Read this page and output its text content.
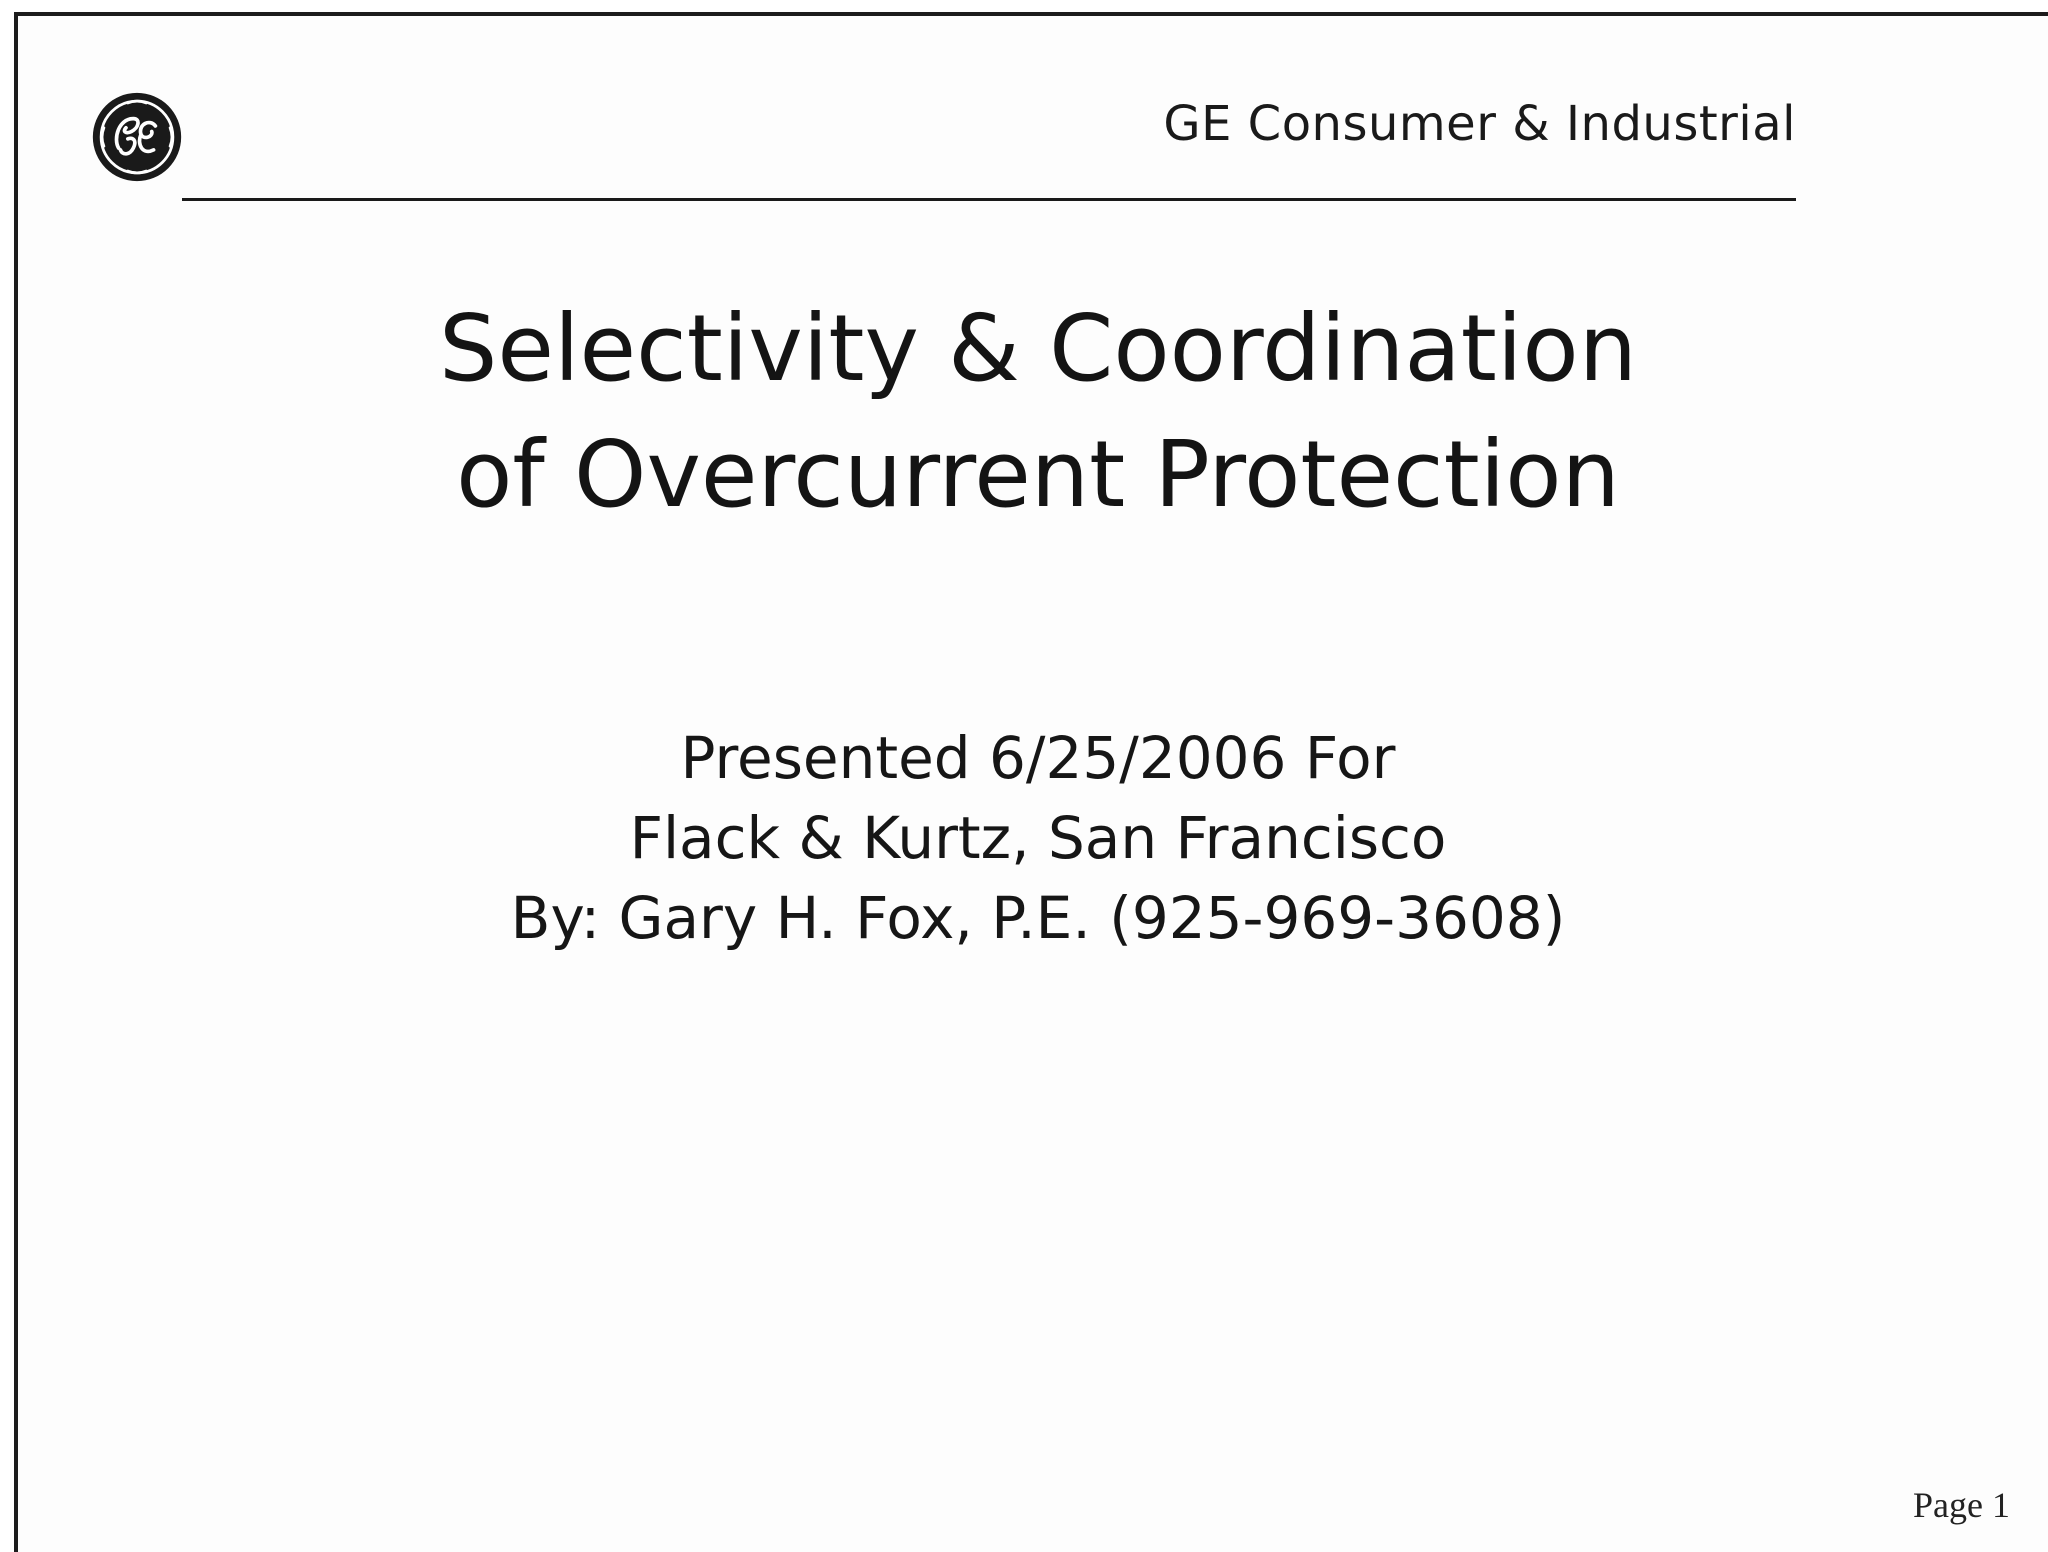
GE Consumer & Industrial
Selectivity & Coordination
of Overcurrent Protection
Presented 6/25/2006 For
Flack & Kurtz, San Francisco
By: Gary H. Fox, P.E. (925-969-3608)
Page 1
